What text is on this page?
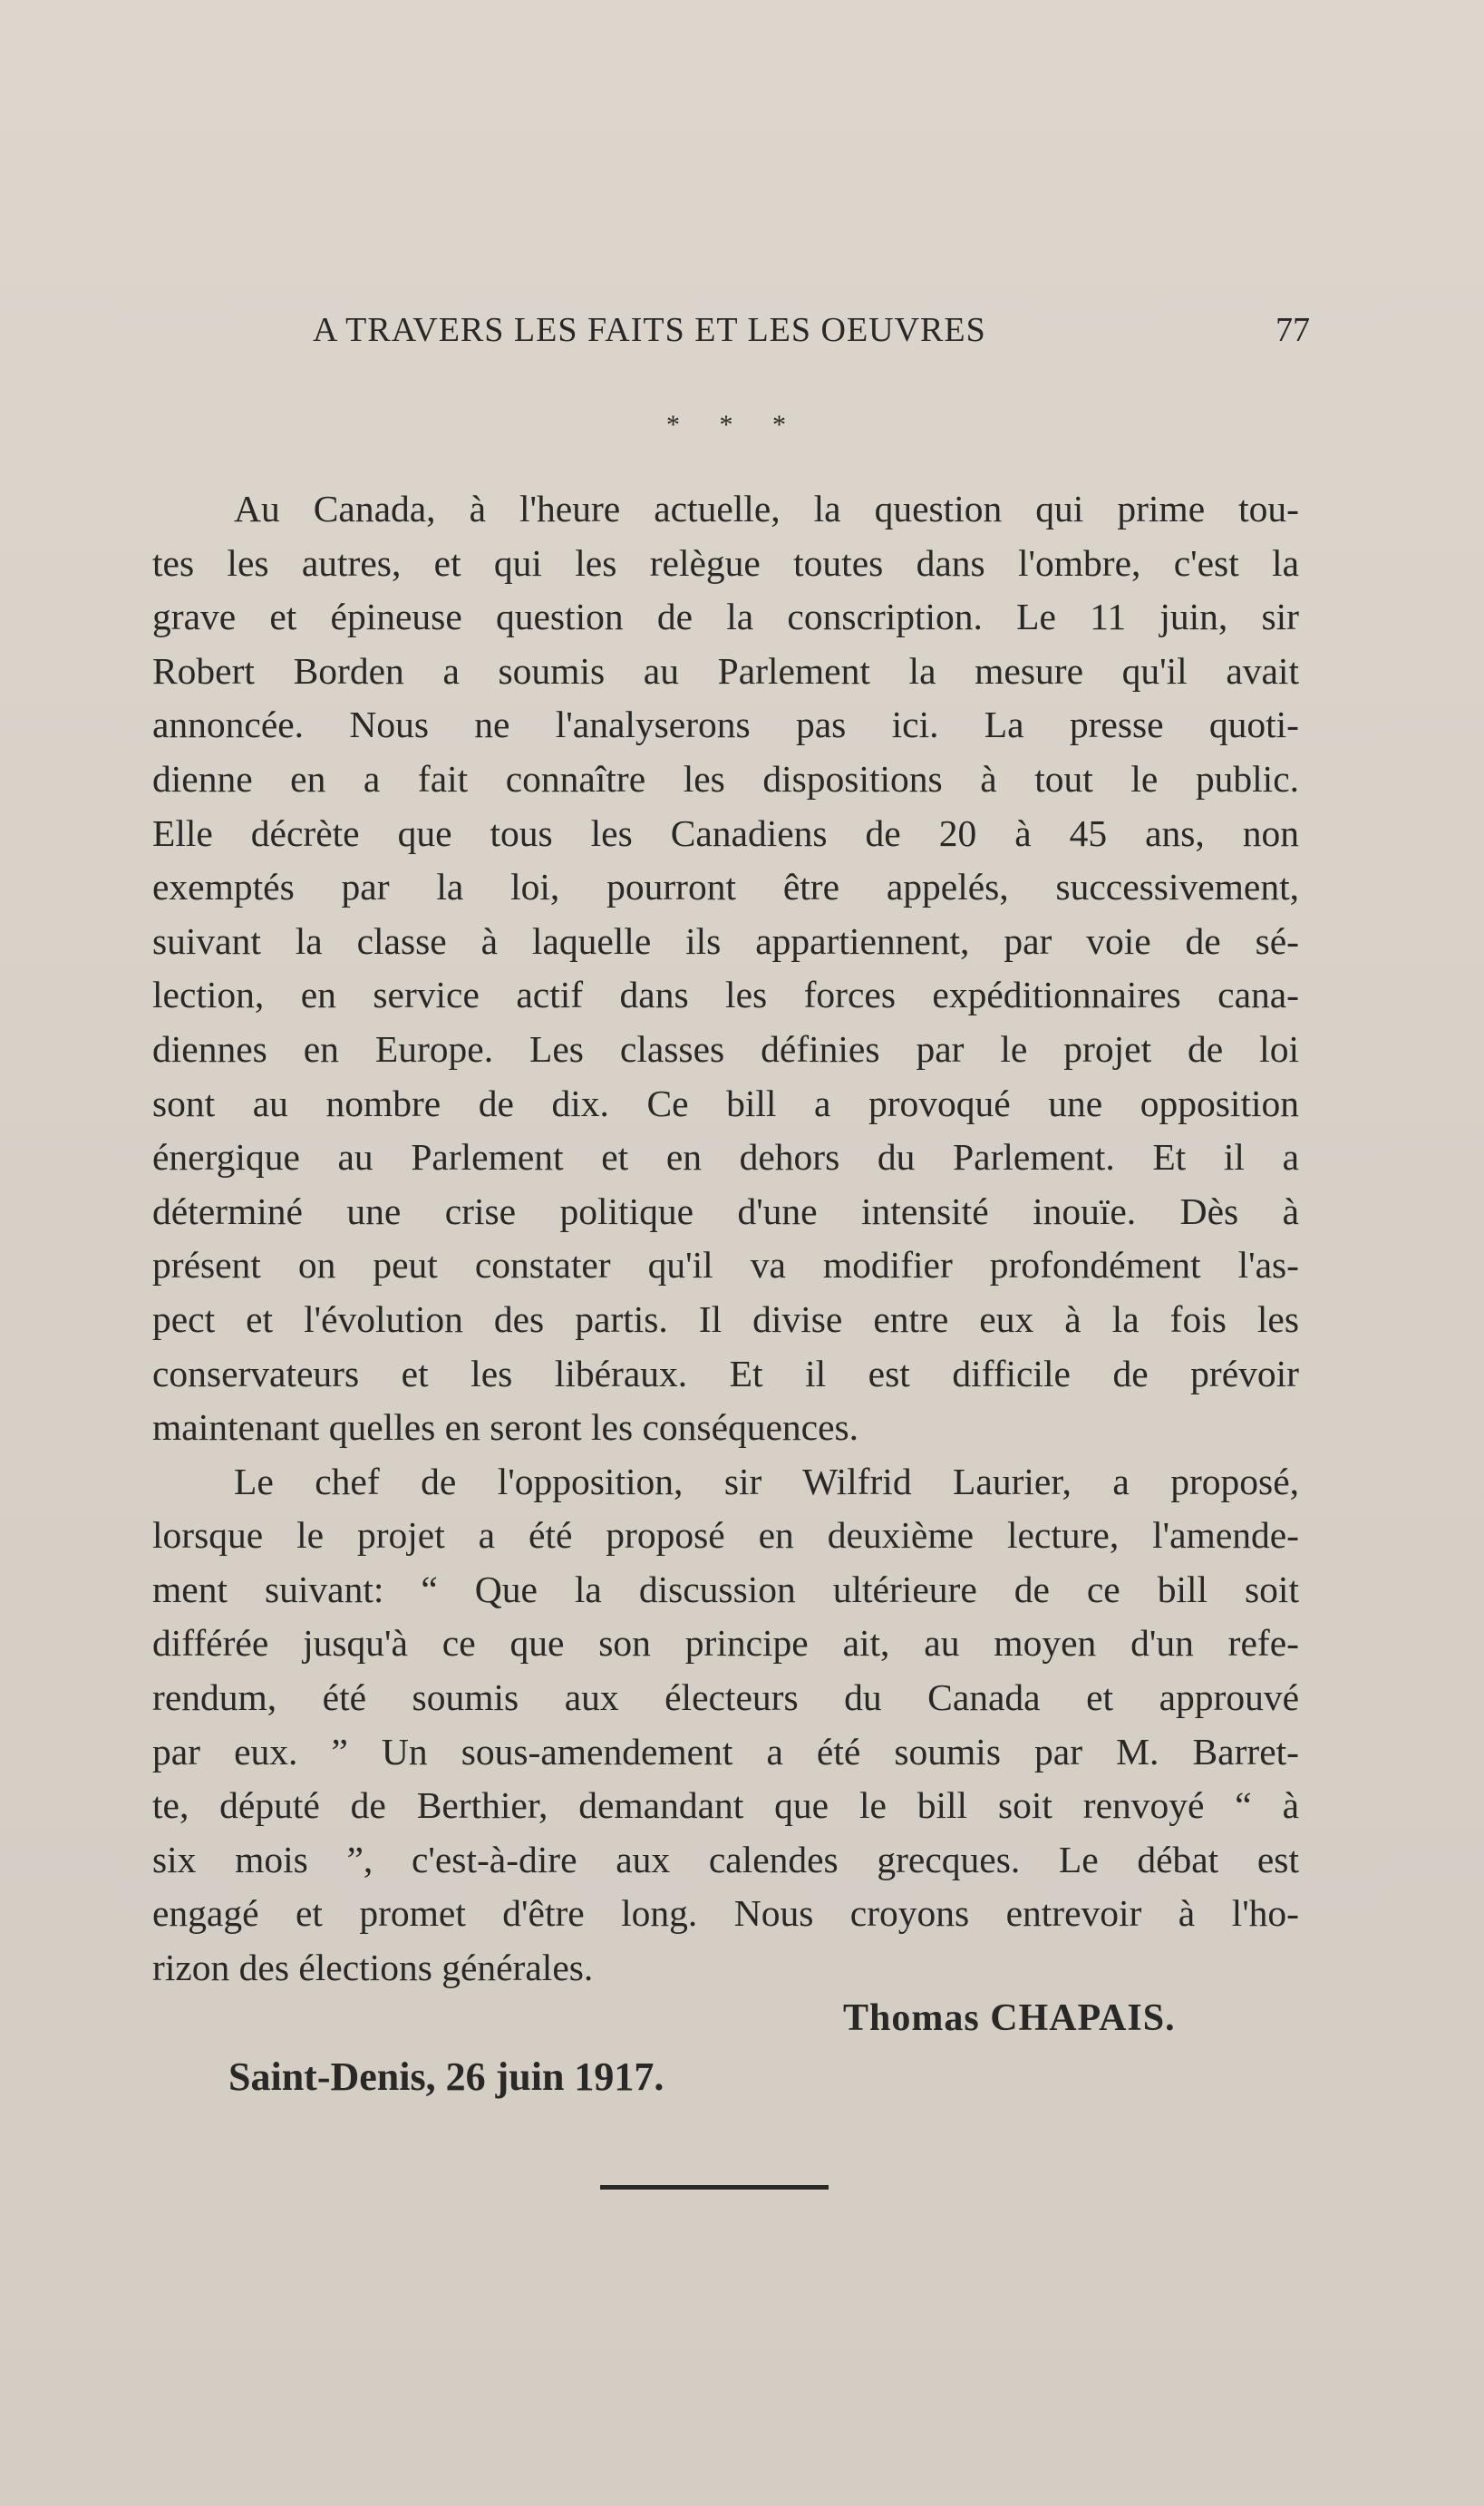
A TRAVERS LES FAITS ET LES OEUVRES	77
* * *
Au Canada, à l'heure actuelle, la question qui prime tou-
tes les autres, et qui les relègue toutes dans l'ombre, c'est la
grave et épineuse question de la conscription. Le 11 juin, sir
Robert Borden a soumis au Parlement la mesure qu'il avait
annoncée. Nous ne l'analyserons pas ici. La presse quoti-
dienne en a fait connaître les dispositions à tout le public.
Elle décrète que tous les Canadiens de 20 à 45 ans, non
exemptés par la loi, pourront être appelés, successivement,
suivant la classe à laquelle ils appartiennent, par voie de sé-
lection, en service actif dans les forces expéditionnaires cana-
diennes en Europe. Les classes définies par le projet de loi
sont au nombre de dix. Ce bill a provoqué une opposition
énergique au Parlement et en dehors du Parlement. Et il a
déterminé une crise politique d'une intensité inouïe. Dès à
présent on peut constater qu'il va modifier profondément l'as-
pect et l'évolution des partis. Il divise entre eux à la fois les
conservateurs et les libéraux. Et il est difficile de prévoir
maintenant quelles en seront les conséquences.
Le chef de l'opposition, sir Wilfrid Laurier, a proposé,
lorsque le projet a été proposé en deuxième lecture, l'amende-
ment suivant: “ Que la discussion ultérieure de ce bill soit
différée jusqu'à ce que son principe ait, au moyen d'un refe-
rendum, été soumis aux électeurs du Canada et approuvé
par eux. ” Un sous-amendement a été soumis par M. Barret-
te, député de Berthier, demandant que le bill soit renvoyé “ à
six mois ”, c'est-à-dire aux calendes grecques. Le débat est
engagé et promet d'être long. Nous croyons entrevoir à l'ho-
rizon des élections générales.
Thomas CHAPAIS.
Saint-Denis, 26 juin 1917.
